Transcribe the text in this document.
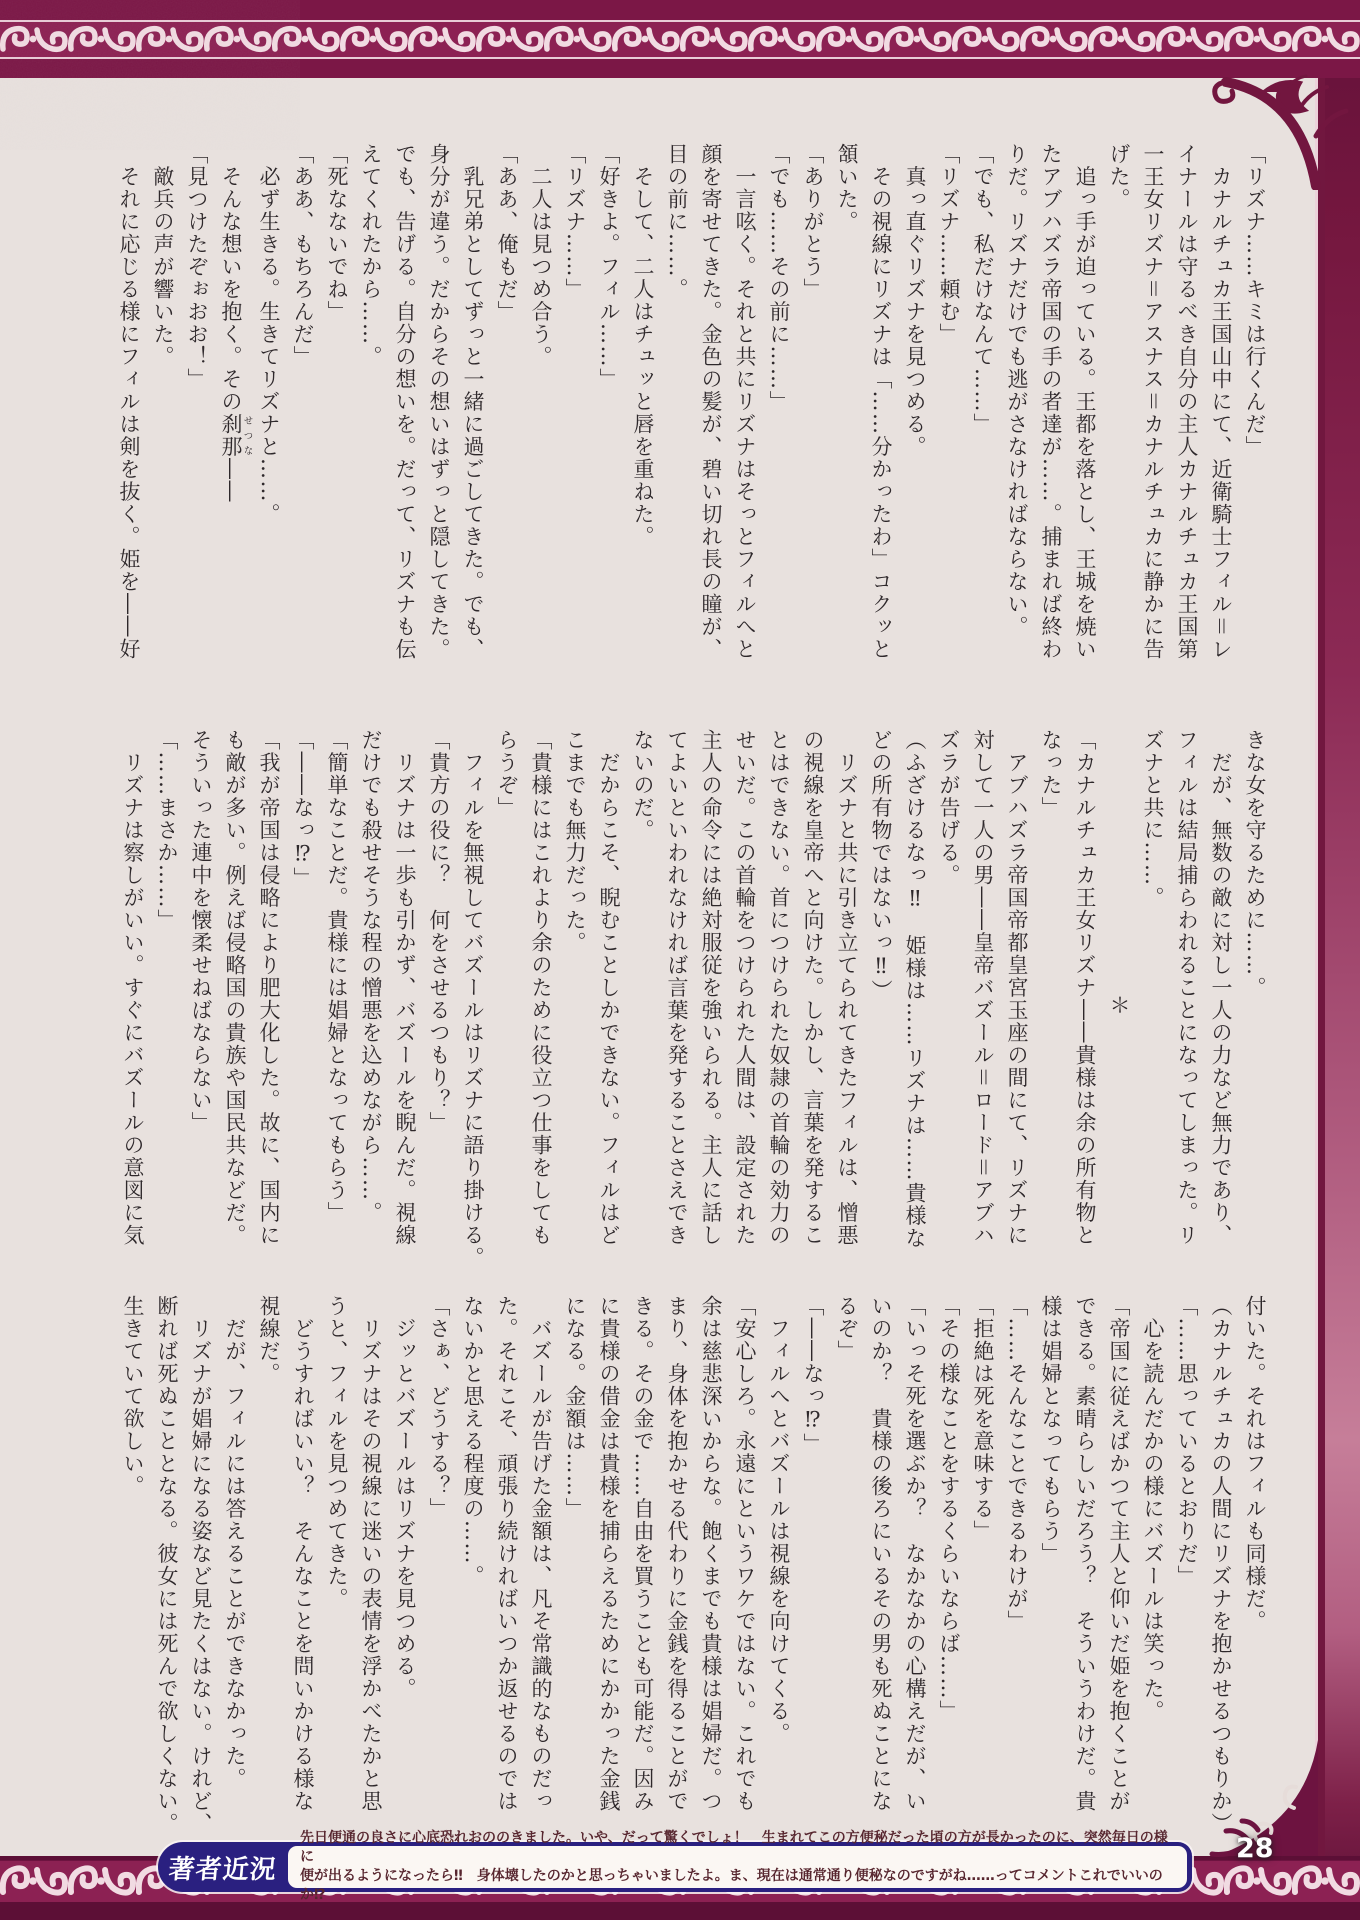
「リズナ……キミは行くんだ」
　カナルチュカ王国山中にて、近衛騎士フィル＝レ
イナールは守るべき自分の主人カナルチュカ王国第
一王女リズナ＝アスナス＝カナルチュカに静かに告
げた。
　追っ手が迫っている。王都を落とし、王城を焼い
たアブハズラ帝国の手の者達が……。捕まれば終わ
りだ。リズナだけでも逃がさなければならない。
「でも、私だけなんて……」
「リズナ……頼む」
　真っ直ぐリズナを見つめる。
　その視線にリズナは「……分かったわ」コクッと
頷いた。
「ありがとう」
「でも……その前に……」
　一言呟く。それと共にリズナはそっとフィルへと
顔を寄せてきた。金色の髪が、碧い切れ長の瞳が、
目の前に……。
　そして、二人はチュッと唇を重ねた。
「好きよ。フィル……」
「リズナ……」
　二人は見つめ合う。
「ああ、俺もだ」
　乳兄弟としてずっと一緒に過ごしてきた。でも、
身分が違う。だからその想いはずっと隠してきた。
でも、告げる。自分の想いを。だって、リズナも伝
えてくれたから……。
「死なないでね」
「ああ、もちろんだ」
　必ず生きる。生きてリズナと……。
　そんな想いを抱く。その刹那せつな――
「見つけたぞぉおお！」
　敵兵の声が響いた。
　それに応じる様にフィルは剣を抜く。姫を――好
きな女を守るために……。
　だが、無数の敵に対し一人の力など無力であり、
フィルは結局捕らわれることになってしまった。リ
ズナと共に……。
＊
「カナルチュカ王女リズナ――貴様は余の所有物と
なった」
　アブハズラ帝国帝都皇宮玉座の間にて、リズナに
対して一人の男――皇帝バズール＝ロード＝アブハ
ズラが告げる。
（ふざけるなっ‼　姫様は……リズナは……貴様な
どの所有物ではないっ‼）
　リズナと共に引き立てられてきたフィルは、憎悪
の視線を皇帝へと向けた。しかし、言葉を発するこ
とはできない。首につけられた奴隷の首輪の効力の
せいだ。この首輪をつけられた人間は、設定された
主人の命令には絶対服従を強いられる。主人に話し
てよいといわれなければ言葉を発することさえでき
ないのだ。
　だからこそ、睨むことしかできない。フィルはど
こまでも無力だった。
「貴様にはこれより余のために役立つ仕事をしても
らうぞ」
　フィルを無視してバズールはリズナに語り掛ける。
「貴方の役に？　何をさせるつもり？」
　リズナは一歩も引かず、バズールを睨んだ。視線
だけでも殺せそうな程の憎悪を込めながら……。
「簡単なことだ。貴様には娼婦となってもらう」
「――なっ⁉」
「我が帝国は侵略により肥大化した。故に、国内に
も敵が多い。例えば侵略国の貴族や国民共などだ。
そういった連中を懐柔せねばならない」
「……まさか……」
　リズナは察しがいい。すぐにバズールの意図に気
付いた。それはフィルも同様だ。
（カナルチュカの人間にリズナを抱かせるつもりか）
「……思っているとおりだ」
　心を読んだかの様にバズールは笑った。
「帝国に従えばかつて主人と仰いだ姫を抱くことが
できる。素晴らしいだろう？　そういうわけだ。貴
様は娼婦となってもらう」
「……そんなことできるわけが」
「拒絶は死を意味する」
「その様なことをするくらいならば……」
「いっそ死を選ぶか？　なかなかの心構えだが、い
いのか？　貴様の後ろにいるその男も死ぬことにな
るぞ」
「――なっ⁉」
　フィルへとバズールは視線を向けてくる。
「安心しろ。永遠にというワケではない。これでも
余は慈悲深いからな。飽くまでも貴様は娼婦だ。つ
まり、身体を抱かせる代わりに金銭を得ることがで
きる。その金で……自由を買うことも可能だ。因み
に貴様の借金は貴様を捕らえるためにかかった金銭
になる。金額は……」
　バズールが告げた金額は、凡そ常識的なものだっ
た。それこそ、頑張り続ければいつか返せるのでは
ないかと思える程度の……。
「さぁ、どうする？」
　ジッとバズールはリズナを見つめる。
　リズナはその視線に迷いの表情を浮かべたかと思
うと、フィルを見つめてきた。
　どうすればいい？　そんなことを問いかける様な
視線だ。
　だが、フィルには答えることができなかった。
　リズナが娼婦になる姿など見たくはない。けれど、
断れば死ぬこととなる。彼女には死んで欲しくない。
生きていて欲しい。
著者近況
先日便通の良さに心底恐れおののきました。いや、だって驚くでしょ！　生まれてこの方便秘だった頃の方が長かったのに、突然毎日の様に
便が出るようになったら‼　身体壊したのかと思っちゃいましたよ。ま、現在は通常通り便秘なのですがね……ってコメントこれでいいのか⁉
28
